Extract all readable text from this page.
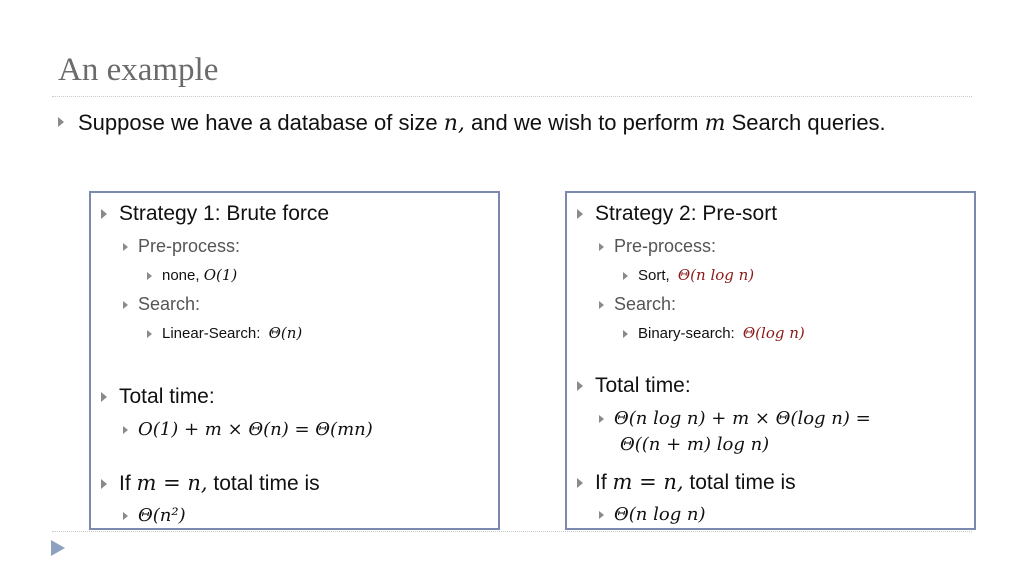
An example
Suppose we have a database of size n, and we wish to perform m Search queries.
Strategy 1: Brute force
Pre-process:
none, O(1)
Search:
Linear-Search: Θ(n)
Total time:
O(1) + m × Θ(n) = Θ(mn)
If m = n, total time is
Θ(n²)
Strategy 2: Pre-sort
Pre-process:
Sort, Θ(n log n)
Search:
Binary-search: Θ(log n)
Total time:
Θ(n log n) + m × Θ(log n) =
Θ((n + m) log n)
If m = n, total time is
Θ(n log n)
